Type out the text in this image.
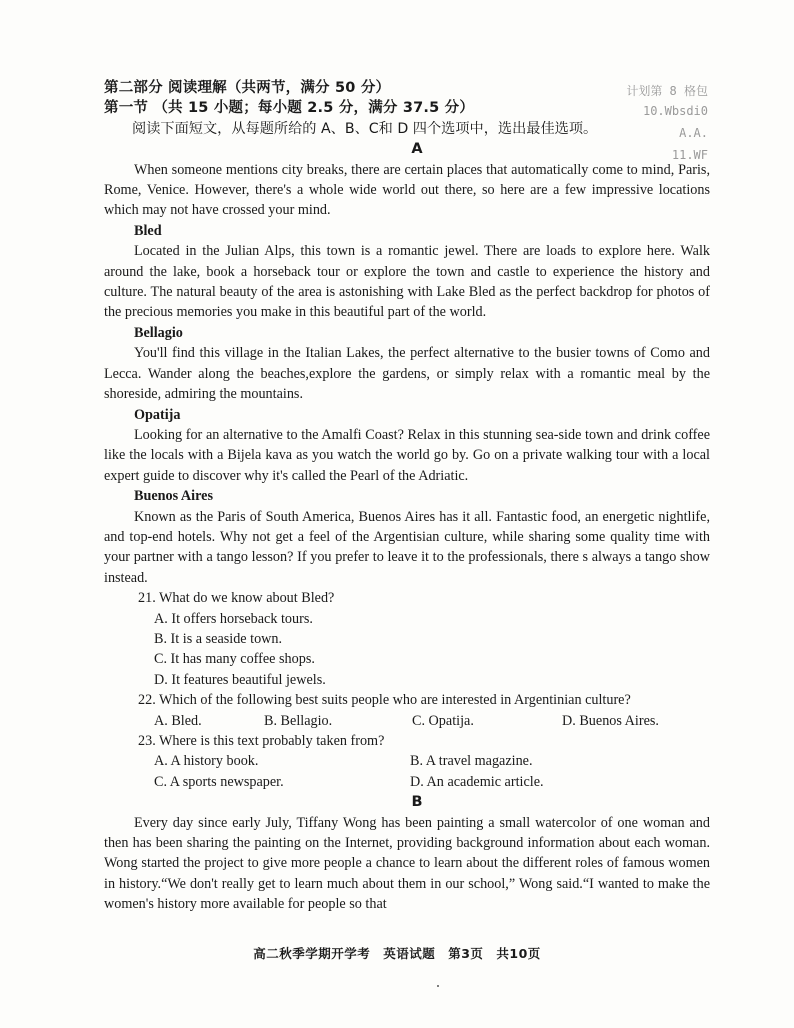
计划第 8 格包
10.Wbsdi0
A.A.
11.WF
第二部分 阅读理解（共两节，满分 50 分）
第一节 （共 15 小题；每小题 2.5 分，满分 37.5 分）
阅读下面短文，从每题所给的 A、B、C和 D 四个选项中，选出最佳选项。
A

When someone mentions city breaks, there are certain places that automatically come to mind, Paris, Rome, Venice. However, there's a whole wide world out there, so here are a few impressive locations which may not have crossed your mind.

Bled

Located in the Julian Alps, this town is a romantic jewel. There are loads to explore here. Walk around the lake, book a horseback tour or explore the town and castle to experience the history and culture. The natural beauty of the area is astonishing with Lake Bled as the perfect backdrop for photos of the precious memories you make in this beautiful part of the world.

Bellagio

You'll find this village in the Italian Lakes, the perfect alternative to the busier towns of Como and Lecca. Wander along the beaches,explore the gardens, or simply relax with a romantic meal by the shoreside, admiring the mountains.

Opatija

Looking for an alternative to the Amalfi Coast? Relax in this stunning sea-side town and drink coffee like the locals with a Bijela kava as you watch the world go by. Go on a private walking tour with a local expert guide to discover why it's called the Pearl of the Adriatic.

Buenos Aires

Known as the Paris of South America, Buenos Aires has it all. Fantastic food, an energetic nightlife, and top-end hotels. Why not get a feel of the Argentisian culture, while sharing some quality time with your partner with a tango lesson? If you prefer to leave it to the professionals, there s always a tango show instead.

21. What do we know about Bled?
A. It offers horseback tours.
B. It is a seaside town.
C. It has many coffee shops.
D. It features beautiful jewels.
22. Which of the following best suits people who are interested in Argentinian culture?
A. Bled.	B. Bellagio.	C. Opatija.	D. Buenos Aires.
23. Where is this text probably taken from?
A. A history book.	B. A travel magazine.
C. A sports newspaper.	D. An academic article.
B

Every day since early July, Tiffany Wong has been painting a small watercolor of one woman and then has been sharing the painting on the Internet, providing background information about each woman. Wong started the project to give more people a chance to learn about the different roles of famous women in history.“We don't really get to learn much about them in our school,” Wong said.“I wanted to make the women's history more available for people so that

高二秋季学期开学考　英语试题　第3页　共10页
